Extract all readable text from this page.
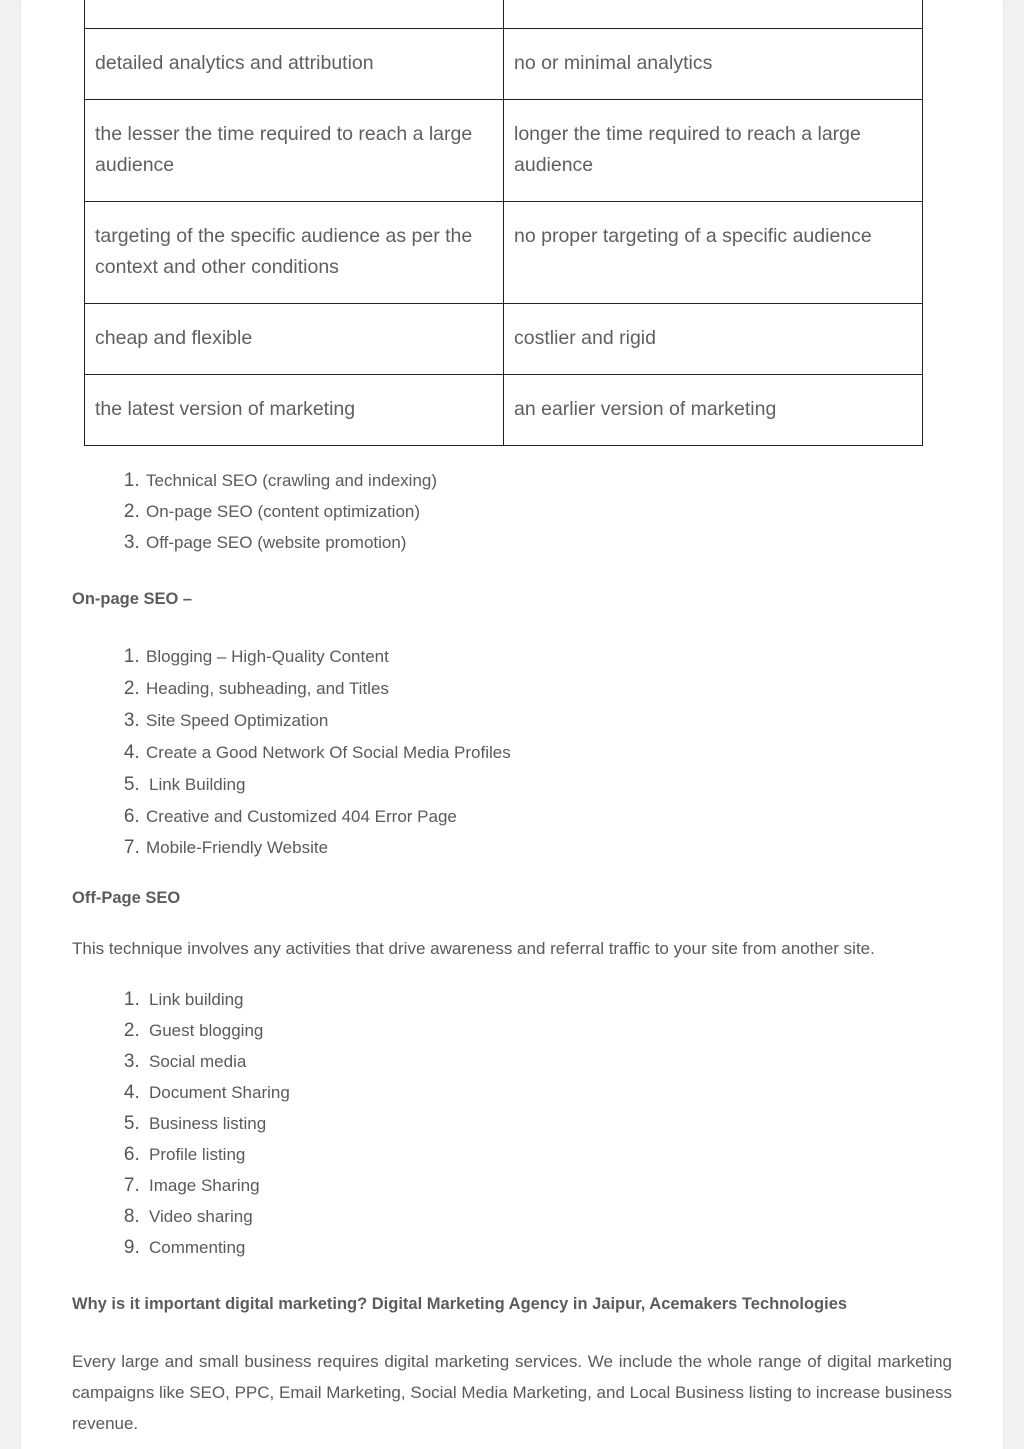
detailed analytics and attribution	no or minimal analytics

the lesser the time required to reach a large audience	longer the time required to reach a large audience

targeting of the specific audience as per the context and other conditions	no proper targeting of a specific audience

cheap and flexible	costlier and rigid

the latest version of marketing	an earlier version of marketing
1. Technical SEO (crawling and indexing)
2. On-page SEO (content optimization)
3. Off-page SEO (website promotion)

On-page SEO –

1. Blogging – High-Quality Content
2. Heading, subheading, and Titles
3. Site Speed Optimization
4. Create a Good Network Of Social Media Profiles
5. Link Building
6. Creative and Customized 404 Error Page
7. Mobile-Friendly Website

Off-Page SEO

This technique involves any activities that drive awareness and referral traffic to your site from another site.

1. Link building
2. Guest blogging
3. Social media
4. Document Sharing
5. Business listing
6. Profile listing
7. Image Sharing
8. Video sharing
9. Commenting

Why is it important digital marketing? Digital Marketing Agency in Jaipur, Acemakers Technologies

Every large and small business requires digital marketing services. We include the whole range of digital marketing campaigns like SEO, PPC, Email Marketing, Social Media Marketing, and Local Business listing to increase business revenue.
